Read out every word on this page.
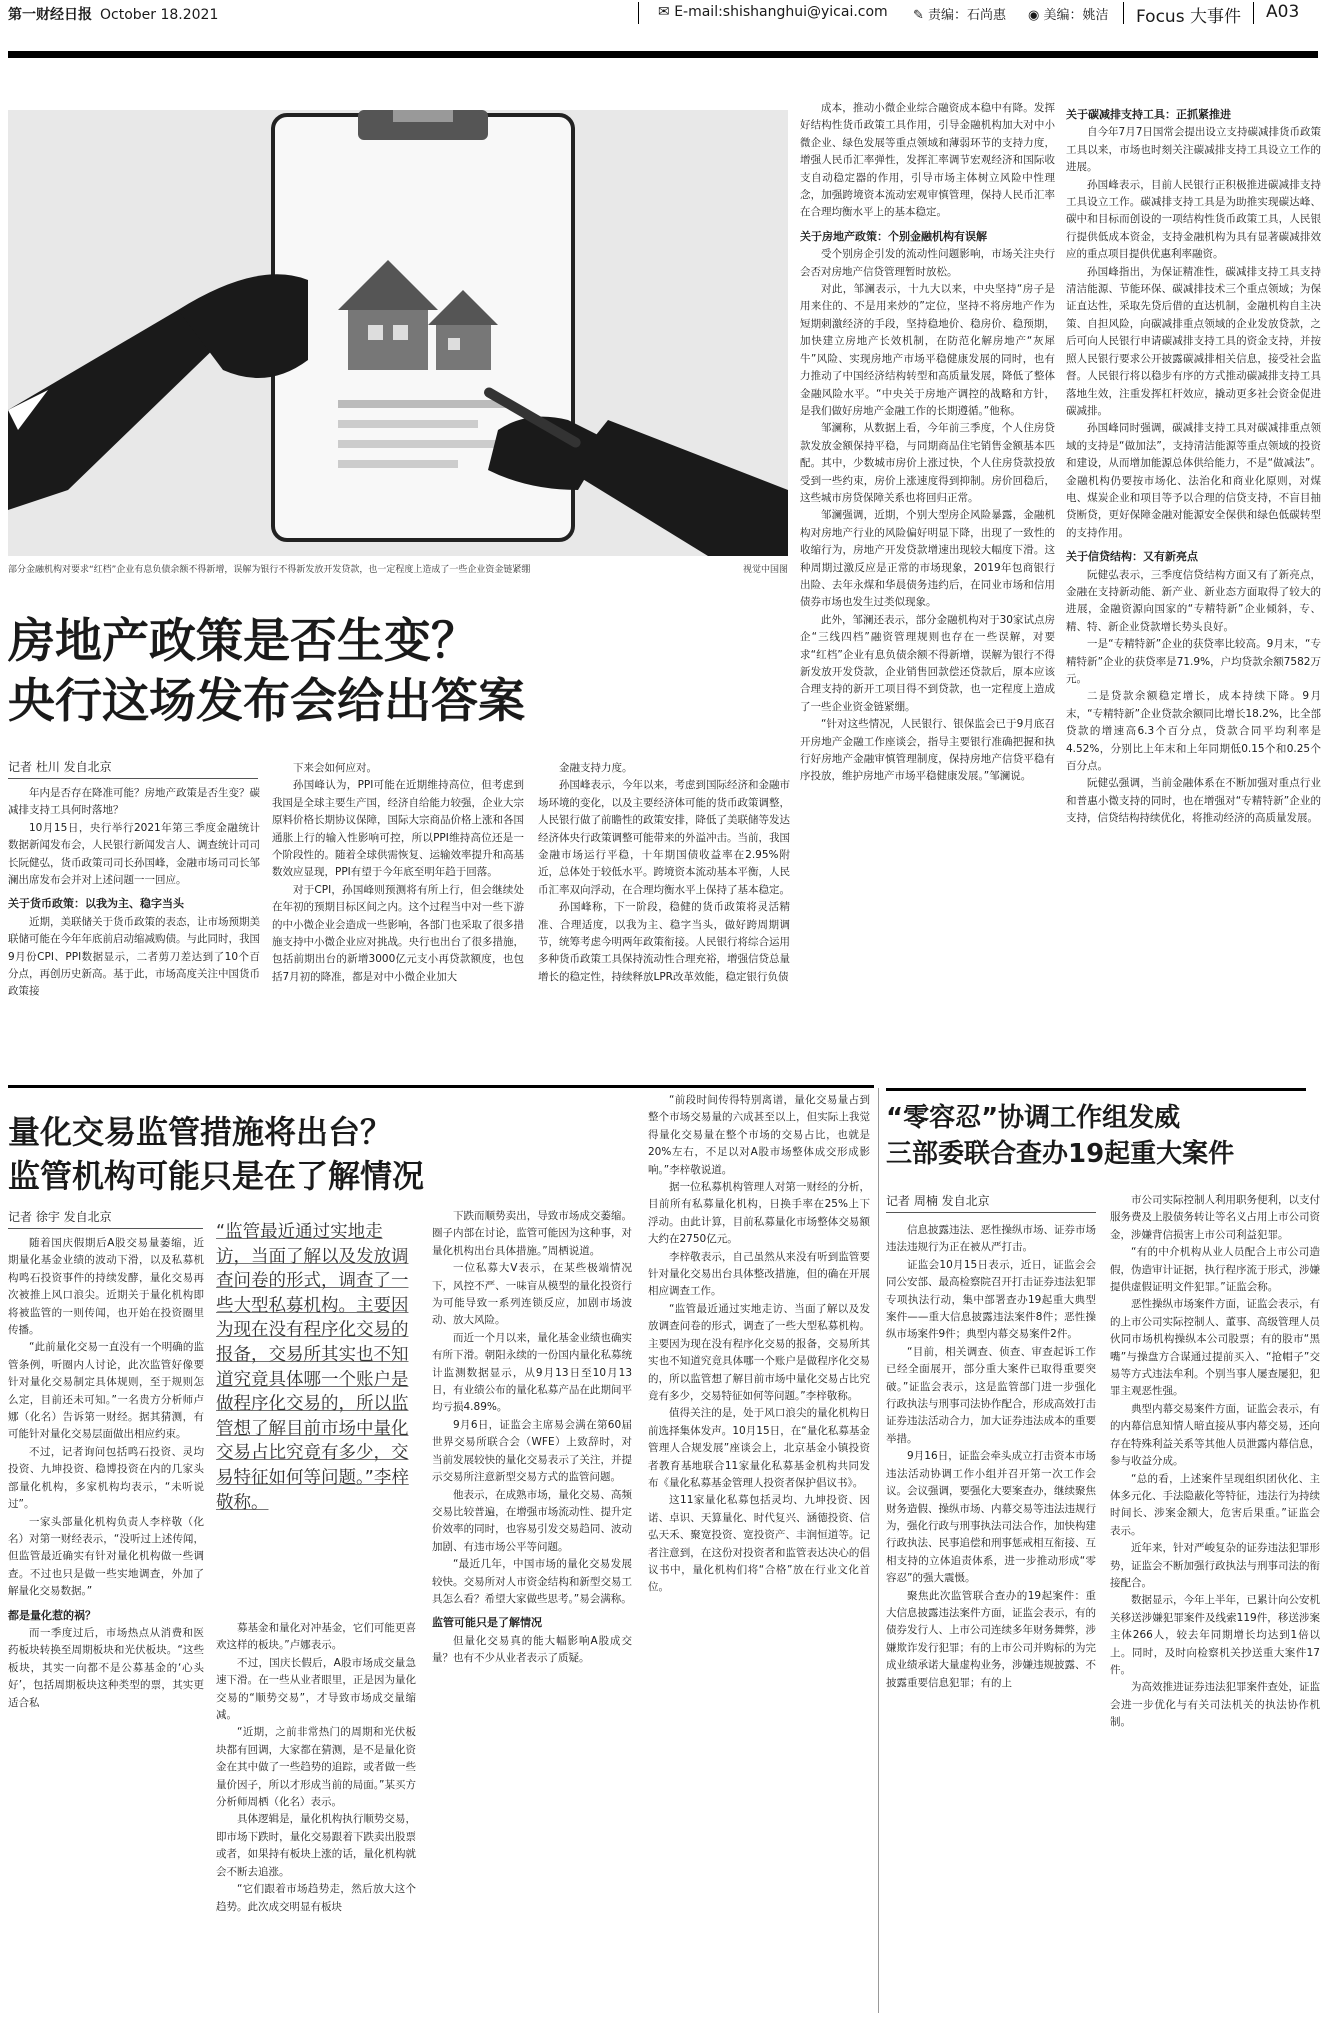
第一财经日报 October 18.2021	✉ E-mail:shishanghui@yicai.com ✎ 责编：石尚惠 ◉ 美编：姚洁 Focus 大事件 A03
部分金融机构对要求“红档”企业有息负债余额不得新增，误解为银行不得新发放开发贷款，也一定程度上造成了一些企业资金链紧绷	视觉中国图
房地产政策是否生变？
央行这场发布会给出答案
记者 杜川 发自北京

年内是否存在降准可能？房地产政策是否生变？碳减排支持工具何时落地？

10月15日，央行举行2021年第三季度金融统计数据新闻发布会，人民银行新闻发言人、调查统计司司长阮健弘，货币政策司司长孙国峰，金融市场司司长邹澜出席发布会并对上述问题一一回应。

关于货币政策：以我为主、稳字当头

近期，美联储关于货币政策的表态，让市场预期美联储可能在今年年底前启动缩减购债。与此同时，我国9月份CPI、PPI数据显示，二者剪刀差达到了10个百分点，再创历史新高。基于此，市场高度关注中国货币政策接

下来会如何应对。

孙国峰认为，PPI可能在近期维持高位，但考虑到我国是全球主要生产国，经济自给能力较强，企业大宗原料价格长期协议保障，国际大宗商品价格上涨和各国通胀上行的输入性影响可控，所以PPI维持高位还是一个阶段性的。随着全球供需恢复、运输效率提升和高基数效应显现，PPI有望于今年底至明年趋于回落。

对于CPI，孙国峰则预测将有所上行，但会继续处在年初的预期目标区间之内。这个过程当中对一些下游的中小微企业会造成一些影响，各部门也采取了很多措施支持中小微企业应对挑战。央行也出台了很多措施，包括前期出台的新增3000亿元支小再贷款额度，也包括7月初的降准，都是对中小微企业加大

金融支持力度。

孙国峰表示，今年以来，考虑到国际经济和金融市场环境的变化，以及主要经济体可能的货币政策调整，人民银行做了前瞻性的政策安排，降低了美联储等发达经济体央行政策调整可能带来的外溢冲击。当前，我国金融市场运行平稳，十年期国债收益率在2.95%附近，总体处于较低水平。跨境资本流动基本平衡，人民币汇率双向浮动，在合理均衡水平上保持了基本稳定。

孙国峰称，下一阶段，稳健的货币政策将灵活精准、合理适度，以我为主、稳字当头，做好跨周期调节，统筹考虑今明两年政策衔接。人民银行将综合运用多种货币政策工具保持流动性合理充裕，增强信贷总量增长的稳定性，持续释放LPR改革效能，稳定银行负债

成本，推动小微企业综合融资成本稳中有降。发挥好结构性货币政策工具作用，引导金融机构加大对中小微企业、绿色发展等重点领域和薄弱环节的支持力度，增强人民币汇率弹性，发挥汇率调节宏观经济和国际收支自动稳定器的作用，引导市场主体树立风险中性理念，加强跨境资本流动宏观审慎管理，保持人民币汇率在合理均衡水平上的基本稳定。

关于房地产政策：个别金融机构有误解

受个别房企引发的流动性问题影响，市场关注央行会否对房地产信贷管理暂时放松。

对此，邹澜表示，十九大以来，中央坚持“房子是用来住的、不是用来炒的”定位，坚持不将房地产作为短期刺激经济的手段，坚持稳地价、稳房价、稳预期，加快建立房地产长效机制，在防范化解房地产“灰犀牛”风险、实现房地产市场平稳健康发展的同时，也有力推动了中国经济结构转型和高质量发展，降低了整体金融风险水平。“中央关于房地产调控的战略和方针，是我们做好房地产金融工作的长期遵循。”他称。

邹澜称，从数据上看，今年前三季度，个人住房贷款发放金额保持平稳，与同期商品住宅销售金额基本匹配。其中，少数城市房价上涨过快，个人住房贷款投放受到一些约束，房价上涨速度得到抑制。房价回稳后，这些城市房贷保障关系也将回归正常。

邹澜强调，近期，个别大型房企风险暴露，金融机构对房地产行业的风险偏好明显下降，出现了一致性的收缩行为，房地产开发贷款增速出现较大幅度下滑。这种周期过激反应是正常的市场现象，2019年包商银行出险、去年永煤和华晨债务违约后，在同业市场和信用债券市场也发生过类似现象。

此外，邹澜还表示，部分金融机构对于30家试点房企“三线四档”融资管理规则也存在一些误解，对要求“红档”企业有息负债余额不得新增，误解为银行不得新发放开发贷款，企业销售回款偿还贷款后，原本应该合理支持的新开工项目得不到贷款，也一定程度上造成了一些企业资金链紧绷。

“针对这些情况，人民银行、银保监会已于9月底召开房地产金融工作座谈会，指导主要银行准确把握和执行好房地产金融审慎管理制度，保持房地产信贷平稳有序投放，维护房地产市场平稳健康发展。”邹澜说。

关于碳减排支持工具：正抓紧推进

自今年7月7日国常会提出设立支持碳减排货币政策工具以来，市场也时刻关注碳减排支持工具设立工作的进展。

孙国峰表示，目前人民银行正积极推进碳减排支持工具设立工作。碳减排支持工具是为助推实现碳达峰、碳中和目标而创设的一项结构性货币政策工具，人民银行提供低成本资金，支持金融机构为具有显著碳减排效应的重点项目提供优惠利率融资。

孙国峰指出，为保证精准性，碳减排支持工具支持清洁能源、节能环保、碳减排技术三个重点领域；为保证直达性，采取先贷后借的直达机制，金融机构自主决策、自担风险，向碳减排重点领域的企业发放贷款，之后可向人民银行申请碳减排支持工具的资金支持，并按照人民银行要求公开披露碳减排相关信息，接受社会监督。人民银行将以稳步有序的方式推动碳减排支持工具落地生效，注重发挥杠杆效应，撬动更多社会资金促进碳减排。

孙国峰同时强调，碳减排支持工具对碳减排重点领域的支持是“做加法”，支持清洁能源等重点领域的投资和建设，从而增加能源总体供给能力，不是“做减法”。金融机构仍要按市场化、法治化和商业化原则，对煤电、煤炭企业和项目等予以合理的信贷支持，不盲目抽贷断贷，更好保障金融对能源安全保供和绿色低碳转型的支持作用。

关于信贷结构：又有新亮点

阮健弘表示，三季度信贷结构方面又有了新亮点，金融在支持新动能、新产业、新业态方面取得了较大的进展，金融资源向国家的“专精特新”企业倾斜，专、精、特、新企业贷款增长势头良好。

一是“专精特新”企业的获贷率比较高。9月末，“专精特新”企业的获贷率是71.9%，户均贷款余额7582万元。

二是贷款余额稳定增长，成本持续下降。9月末，“专精特新”企业贷款余额同比增长18.2%，比全部贷款的增速高6.3个百分点，贷款合同平均利率是4.52%，分别比上年末和上年同期低0.15个和0.25个百分点。

阮健弘强调，当前金融体系在不断加强对重点行业和普惠小微支持的同时，也在增强对“专精特新”企业的支持，信贷结构持续优化，将推动经济的高质量发展。

量化交易监管措施将出台？
监管机构可能只是在了解情况
记者 徐宇 发自北京
“监管最近通过实地走访，当面了解以及发放调查问卷的形式，调查了一些大型私募机构。主要因为现在没有程序化交易的报备，交易所其实也不知道究竟具体哪一个账户是做程序化交易的，所以监管想了解目前市场中量化交易占比究竟有多少，交易特征如何等问题。”李梓敬称。

随着国庆假期后A股交易量萎缩，近期量化基金业绩的波动下滑，以及私募机构鸣石投资事件的持续发酵，量化交易再次被推上风口浪尖。近期关于量化机构即将被监管的一则传闻，也开始在投资圈里传播。

“此前量化交易一直没有一个明确的监管条例，听圈内人讨论，此次监管好像要针对量化交易制定具体规则，至于规则怎么定，目前还未可知。”一名贵方分析师卢娜（化名）告诉第一财经。据其猜测，有可能针对量化交易层面做出相应约束。

不过，记者询问包括鸣石投资、灵均投资、九坤投资、稳博投资在内的几家头部量化机构，多家机构均表示，“未听说过”。

一家头部量化机构负责人李梓敬（化名）对第一财经表示，“没听过上述传闻，但监管最近确实有针对量化机构做一些调查。不过也只是做一些实地调查，外加了解量化交易数据。”

都是量化惹的祸？

而一季度过后，市场热点从消费和医药板块转换至周期板块和光伏板块。“这些板块，其实一向都不是公募基金的‘心头好’，包括周期板块这种类型的票，其实更适合私

募基金和量化对冲基金，它们可能更喜欢这样的板块。”卢娜表示。

不过，国庆长假后，A股市场成交量急速下滑。在一些从业者眼里，正是因为量化交易的“顺势交易”，才导致市场成交量缩减。

“近期，之前非常热门的周期和光伏板块都有回调，大家都在猜测，是不是量化资金在其中做了一些趋势的追踪，或者做一些量价因子，所以才形成当前的局面。”某买方分析师周栖（化名）表示。

具体逻辑是，量化机构执行顺势交易，即市场下跌时，量化交易跟着下跌卖出股票或者，如果持有板块上涨的话，量化机构就会不断去追涨。

“它们跟着市场趋势走，然后放大这个趋势。此次成交明显有板块

下跌而顺势卖出，导致市场成交萎缩。圈子内部在讨论，监管可能因为这种事，对量化机构出台具体措施。”周栖说道。

一位私募大V表示，在某些极端情况下，风控不严、一味盲从模型的量化投资行为可能导致一系列连锁反应，加剧市场波动、放大风险。

而近一个月以来，量化基金业绩也确实有所下滑。朝阳永续的一份国内量化私募统计监测数据显示，从9月13日至10月13日，有业绩公布的量化私募产品在此期间平均亏损4.89%。

9月6日，证监会主席易会满在第60届世界交易所联合会（WFE）上致辞时，对当前发展较快的量化交易表示了关注，并提示交易所注意新型交易方式的监管问题。

他表示，在成熟市场，量化交易、高频交易比较普遍，在增强市场流动性、提升定价效率的同时，也容易引发交易趋同、波动加剧、有违市场公平等问题。

“最近几年，中国市场的量化交易发展较快。交易所对人市资金结构和新型交易工具怎么看？希望大家做些思考。”易会满称。

监管可能只是了解情况

但量化交易真的能大幅影响A股成交量？也有不少从业者表示了质疑。

“前段时间传得特别离谱，量化交易量占到整个市场交易量的六成甚至以上，但实际上我觉得量化交易量在整个市场的交易占比，也就是20%左右，不足以对A股市场整体成交形成影响。”李梓敬说道。

据一位私募机构管理人对第一财经的分析，目前所有私募量化机构，日换手率在25%上下浮动。由此计算，目前私募量化市场整体交易额大约在2750亿元。

李梓敬表示，自己虽然从来没有听到监管要针对量化交易出台具体整改措施，但的确在开展相应调查工作。

“监管最近通过实地走访、当面了解以及发放调查问卷的形式，调查了一些大型私募机构。主要因为现在没有程序化交易的报备，交易所其实也不知道究竟具体哪一个账户是做程序化交易的，所以监管想了解目前市场中量化交易占比究竟有多少，交易特征如何等问题。”李梓敬称。

值得关注的是，处于风口浪尖的量化机构日前选择集体发声。10月15日，在“量化私募基金管理人合规发展”座谈会上，北京基金小镇投资者教育基地联合11家量化私募基金机构共同发布《量化私募基金管理人投资者保护倡议书》。

这11家量化私募包括灵均、九坤投资、因诺、卓识、天算量化、时代复兴、涵德投资、信弘天禾、聚宽投资、宽投资产、丰润恒道等。记者注意到，在这份对投资者和监管表达决心的倡议书中，量化机构们将“合格”放在行业文化首位。

“零容忍”协调工作组发威
三部委联合查办19起重大案件
记者 周楠 发自北京

信息披露违法、恶性操纵市场、证券市场违法违规行为正在被从严打击。

证监会10月15日表示，近日，证监会会同公安部、最高检察院召开打击证券违法犯罪专项执法行动，集中部署查办19起重大典型案件——重大信息披露违法案件8件；恶性操纵市场案件9件；典型内幕交易案件2件。

“目前，相关调查、侦查、审查起诉工作已经全面展开，部分重大案件已取得重要突破。”证监会表示，这是监管部门进一步强化行政执法与刑事司法协作配合，形成高效打击证券违法活动合力，加大证券违法成本的重要举措。

9月16日，证监会牵头成立打击资本市场违法活动协调工作小组并召开第一次工作会议。会议强调，要强化大要案查办，继续聚焦财务造假、操纵市场、内幕交易等违法违规行为，强化行政与刑事执法司法合作，加快构建行政执法、民事追偿和刑事惩戒相互衔接、互相支持的立体追责体系，进一步推动形成“零容忍”的强大震慑。

聚焦此次监管联合查办的19起案件：重大信息披露违法案件方面，证监会表示，有的债券发行人、上市公司连续多年财务舞弊，涉嫌欺诈发行犯罪；有的上市公司并购标的为完成业绩承诺大量虚构业务，涉嫌违规披露、不披露重要信息犯罪；有的上

市公司实际控制人利用职务便利，以支付服务费及上股债务转让等名义占用上市公司资金，涉嫌背信损害上市公司利益犯罪。

“有的中介机构从业人员配合上市公司造假，伪造审计证据，执行程序流于形式，涉嫌提供虚假证明文件犯罪。”证监会称。

恶性操纵市场案件方面，证监会表示，有的上市公司实际控制人、董事、高级管理人员伙同市场机构操纵本公司股票；有的股市“黑嘴”与操盘方合谋通过提前买入、“抢帽子”交易等方式违法牟利。个别当事人屡查屡犯，犯罪主观恶性强。

典型内幕交易案件方面，证监会表示，有的内幕信息知情人暗直接从事内幕交易，还向存在特殊利益关系等其他人员泄露内幕信息，参与收益分成。

“总的看，上述案件呈现组织团伙化、主体多元化、手法隐蔽化等特征，违法行为持续时间长、涉案金额大，危害后果重。”证监会表示。

近年来，针对严峻复杂的证券违法犯罪形势，证监会不断加强行政执法与刑事司法的衔接配合。

数据显示，今年上半年，已累计向公安机关移送涉嫌犯罪案件及线索119件，移送涉案主体266人，较去年同期增长均达到1倍以上。同时，及时向检察机关抄送重大案件17件。

为高效推进证券违法犯罪案件查处，证监会进一步优化与有关司法机关的执法协作机制。
